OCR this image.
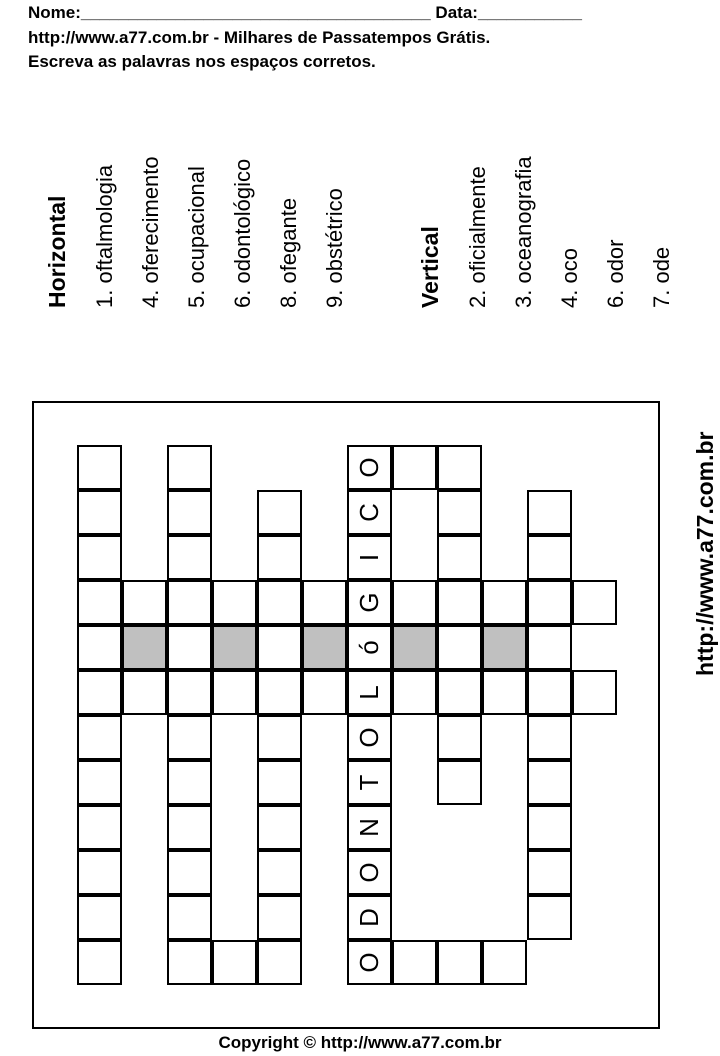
Nome:_____________________________________ Data:___________
http://www.a77.com.br - Milhares de Passatempos Grátis.
Escreva as palavras nos espaços corretos.
Horizontal	1. oftalmologia 4. oferecimento 5. ocupacional 6. odontológico 8. ofegante 9. obstétrico	Vertical	2. oficialmente 3. oceanografia 4. oco 6. odor 7. ode
O
C
I
G
ó
L
O
T
N
O
D
O
http://www.a77.com.br
Copyright © http://www.a77.com.br
